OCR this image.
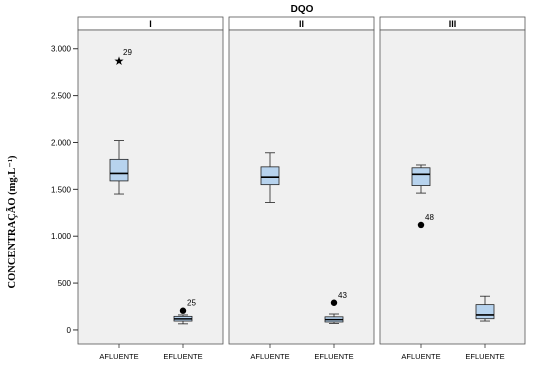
DQO
CONCENTRAÇÃO (mg.L⁻¹)
I
★
29
AFLUENTE
25
EFLUENTE
II
AFLUENTE
43
EFLUENTE
III
48
AFLUENTE	EFLUENTE
0
500
1.000
1.500
2.000
2.500
3.000
